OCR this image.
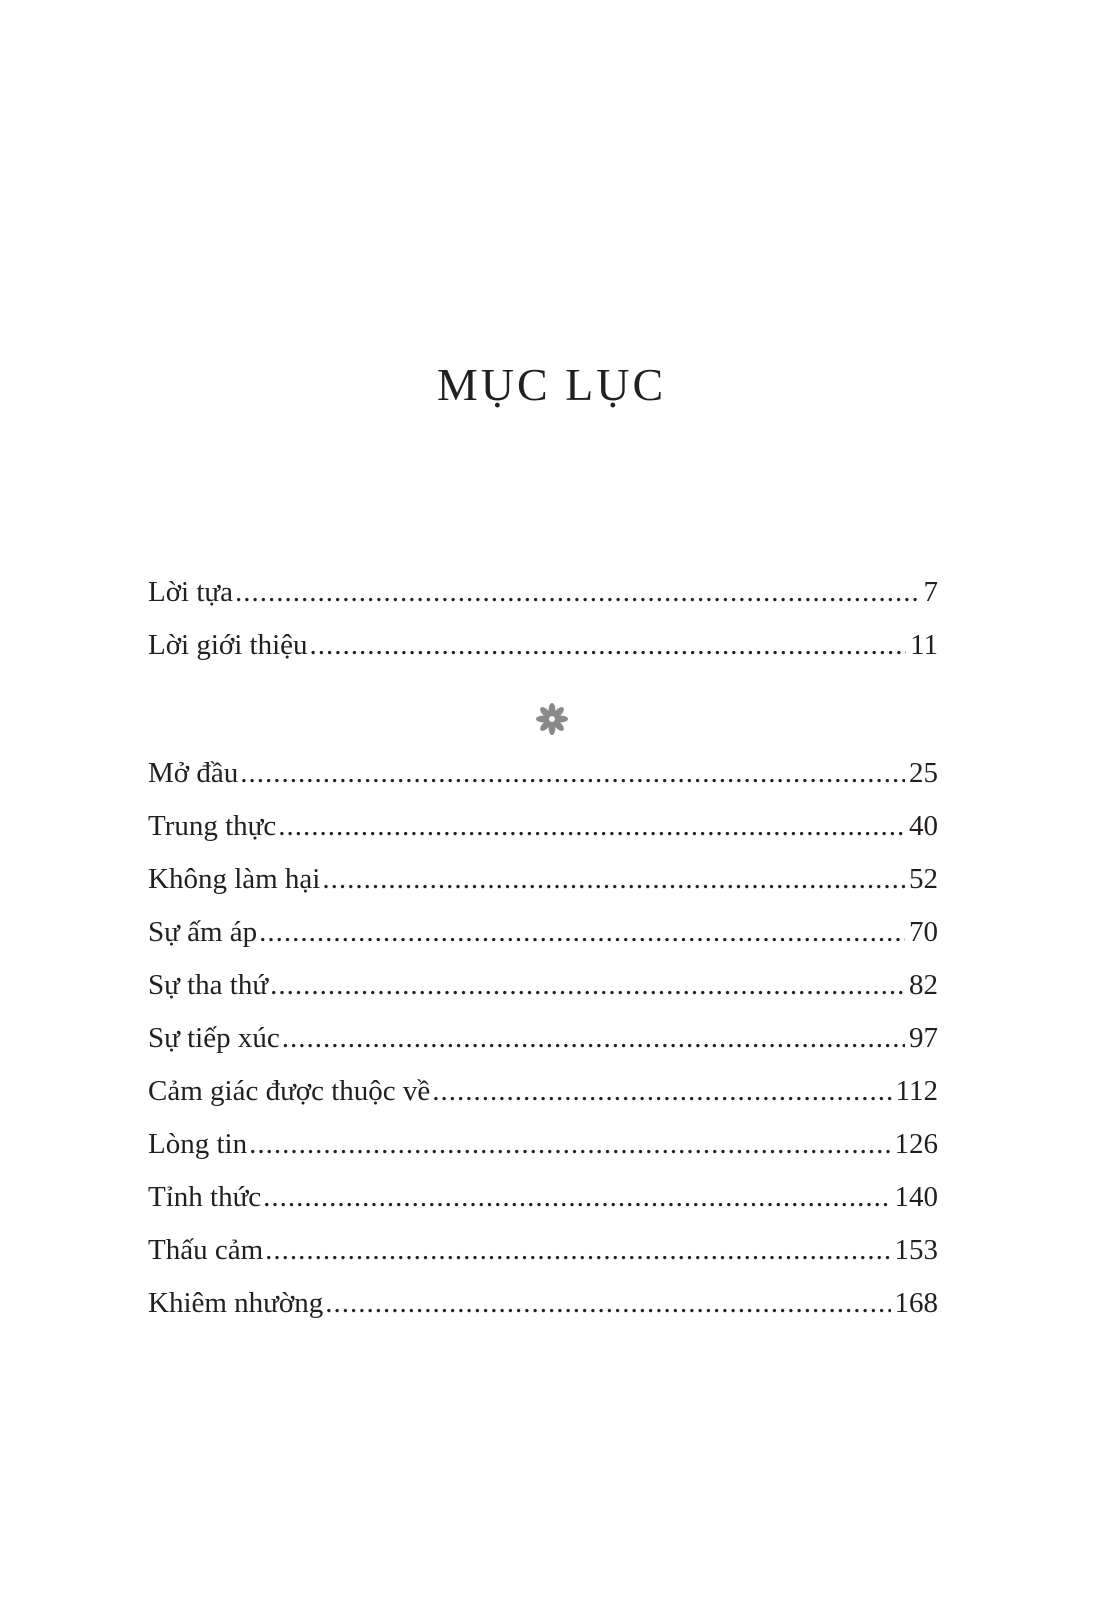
MỤC LỤC
Lời tựa .....	7
Lời giới thiệu .....	11
Mở đầu .....	25
Trung thực .....	40
Không làm hại .....	52
Sự ấm áp .....	70
Sự tha thứ .....	82
Sự tiếp xúc .....	97
Cảm giác được thuộc về .....	112
Lòng tin .....	126
Tỉnh thức .....	140
Thấu cảm .....	153
Khiêm nhường .....	168
